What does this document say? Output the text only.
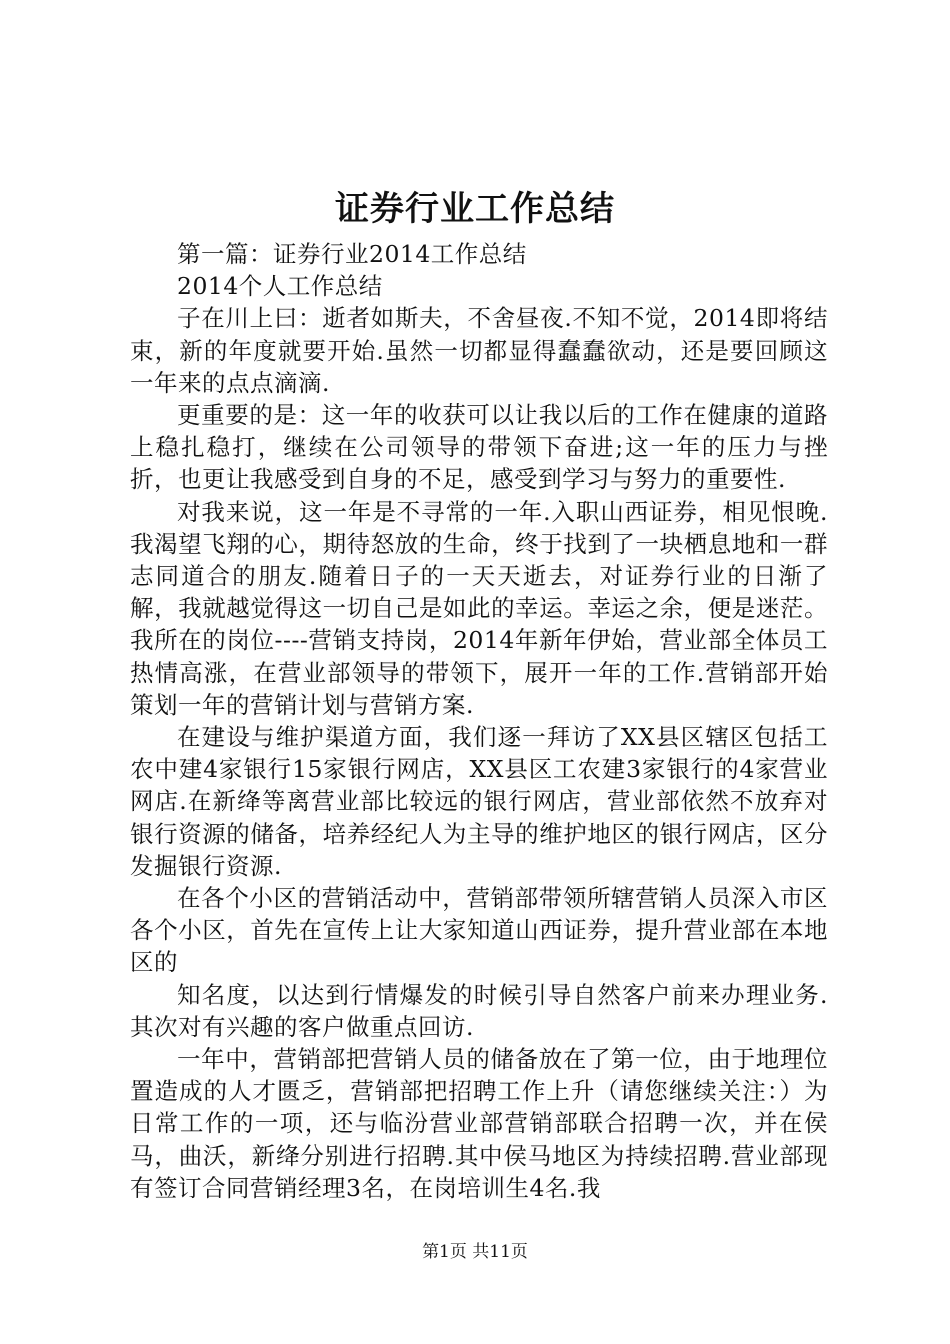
证券行业工作总结

第一篇：证券行业2014工作总结

2014个人工作总结

子在川上曰：逝者如斯夫，不舍昼夜.不知不觉，2014即将结束，新的年度就要开始.虽然一切都显得蠢蠢欲动，还是要回顾这一年来的点点滴滴.

更重要的是：这一年的收获可以让我以后的工作在健康的道路上稳扎稳打，继续在公司领导的带领下奋进;这一年的压力与挫折，也更让我感受到自身的不足，感受到学习与努力的重要性.

对我来说，这一年是不寻常的一年.入职山西证券，相见恨晚.我渴望飞翔的心，期待怒放的生命，终于找到了一块栖息地和一群志同道合的朋友.随着日子的一天天逝去，对证券行业的日渐了解，我就越觉得这一切自己是如此的幸运。幸运之余，便是迷茫。我所在的岗位----营销支持岗，2014年新年伊始，营业部全体员工热情高涨，在营业部领导的带领下，展开一年的工作.营销部开始策划一年的营销计划与营销方案.

在建设与维护渠道方面，我们逐一拜访了XX县区辖区包括工农中建4家银行15家银行网店，XX县区工农建3家银行的4家营业网店.在新绛等离营业部比较远的银行网店，营业部依然不放弃对银行资源的储备，培养经纪人为主导的维护地区的银行网店，区分发掘银行资源.

在各个小区的营销活动中，营销部带领所辖营销人员深入市区各个小区，首先在宣传上让大家知道山西证券，提升营业部在本地区的

知名度，以达到行情爆发的时候引导自然客户前来办理业务.其次对有兴趣的客户做重点回访.

一年中，营销部把营销人员的储备放在了第一位，由于地理位置造成的人才匮乏，营销部把招聘工作上升（请您继续关注：）为日常工作的一项，还与临汾营业部营销部联合招聘一次，并在侯马，曲沃，新绛分别进行招聘.其中侯马地区为持续招聘.营业部现有签订合同营销经理3名，在岗培训生4名.我

第1页 共11页
